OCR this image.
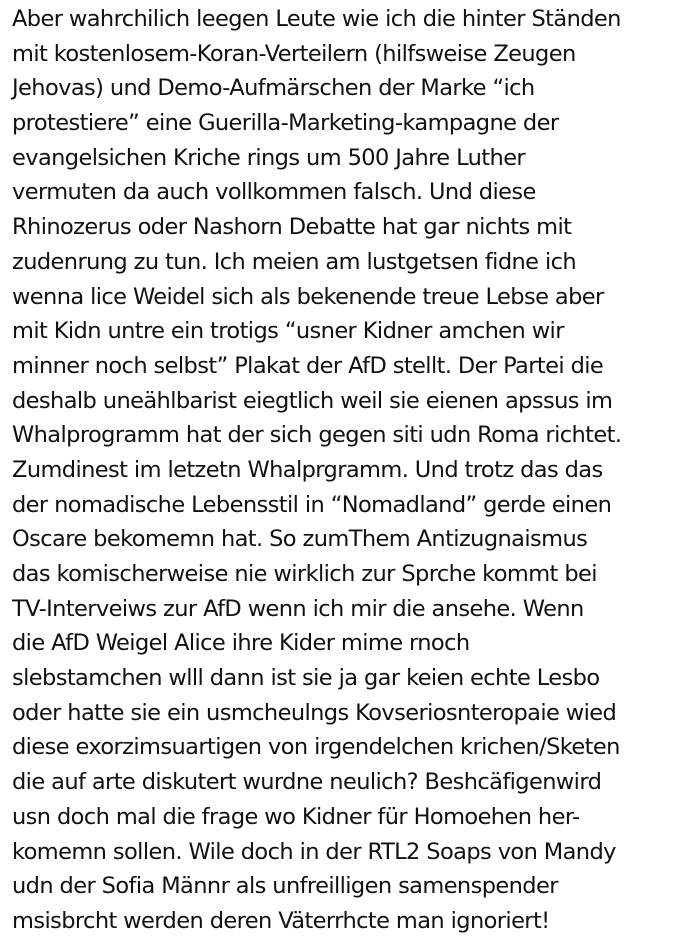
Aber wahrchilich leegen Leute wie ich die hinter Ständen
mit kostenlosem-Koran-Verteilern (hilfsweise Zeugen
Jehovas) und Demo-Aufmärschen der Marke “ich
protestiere” eine Guerilla-Marketing-kampagne der
evangelsichen Kriche rings um 500 Jahre Luther
vermuten da auch vollkommen falsch. Und diese
Rhinozerus oder Nashorn Debatte hat gar nichts mit
zudenrung zu tun. Ich meien am lustgetsen fidne ich
wenna lice Weidel sich als bekenende treue Lebse aber
mit Kidn untre ein trotigs “usner Kidner amchen wir
minner noch selbst” Plakat der AfD stellt. Der Partei die
deshalb uneählbarist eiegtlich weil sie eienen apssus im
Whalprogramm hat der sich gegen siti udn Roma richtet.
Zumdinest im letzetn Whalprgramm. Und trotz das das
der nomadische Lebensstil in “Nomadland” gerde einen
Oscare bekomemn hat. So zumThem Antizugnaismus
das komischerweise nie wirklich zur Sprche kommt bei
TV-Interveiws zur AfD wenn ich mir die ansehe. Wenn
die AfD Weigel Alice ihre Kider mime rnoch
slebstamchen wlll dann ist sie ja gar keien echte Lesbo
oder hatte sie ein usmcheulngs Kovseriosnteropaie wied
diese exorzimsuartigen von irgendelchen krichen/Sketen
die auf arte diskutert wurdne neulich? Beshcäfigenwird
usn doch mal die frage wo Kidner für Homoehen her-
komemn sollen. Wile doch in der RTL2 Soaps von Mandy
udn der Sofia Männr als unfreilligen samenspender
msisbrcht werden deren Väterrhcte man ignoriert!
